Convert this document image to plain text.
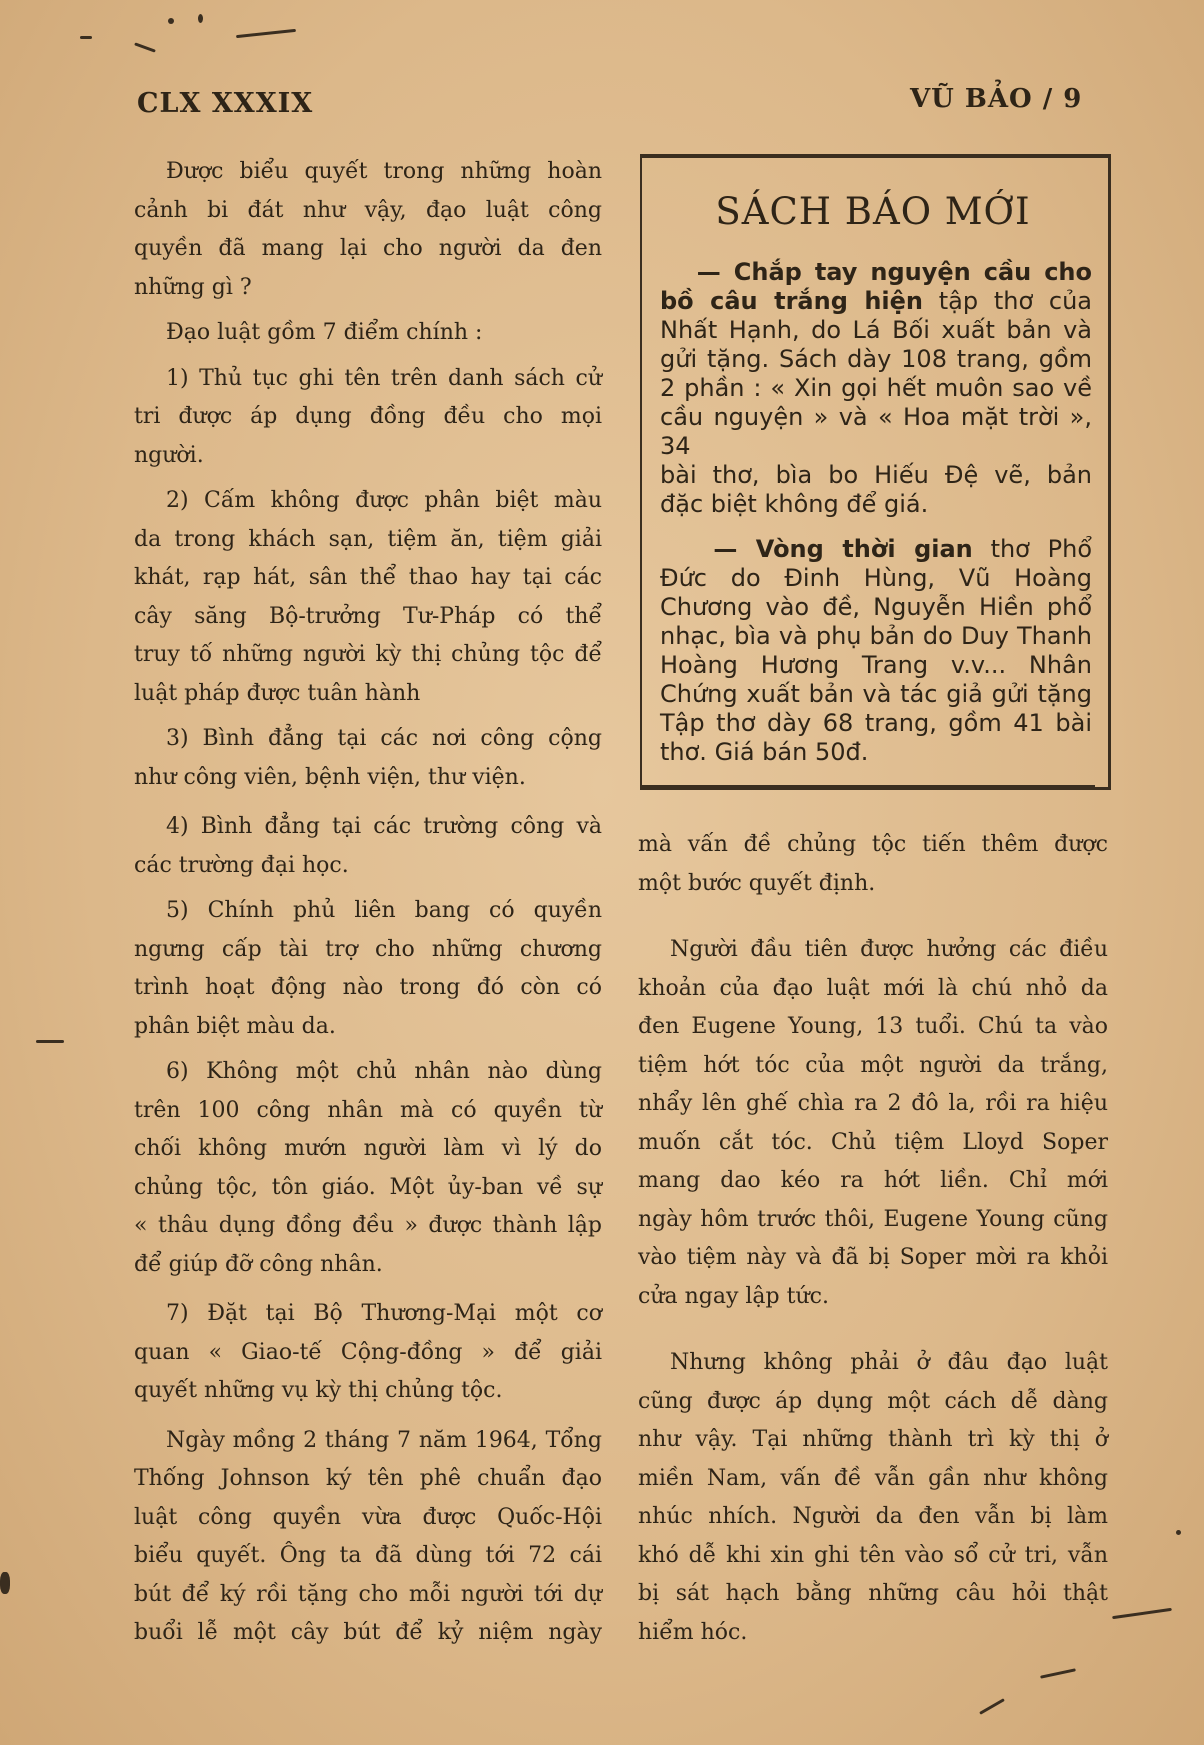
CLX XXXIX	VŨ BẢO / 9

Được biểu quyết trong những hoàn

cảnh bi đát như vậy, đạo luật công

quyền đã mang lại cho người da đen

những gì ?

Đạo luật gồm 7 điểm chính :

1) Thủ tục ghi tên trên danh sách cử

tri được áp dụng đồng đều cho mọi

người.

2) Cấm không được phân biệt màu

da trong khách sạn, tiệm ăn, tiệm giải

khát, rạp hát, sân thể thao hay tại các

cây săng Bộ-trưởng Tư-Pháp có thể

truy tố những người kỳ thị chủng tộc để

luật pháp được tuân hành

3) Bình đẳng tại các nơi công cộng

như công viên, bệnh viện, thư viện.

4) Bình đẳng tại các trường công và

các trường đại học.

5) Chính phủ liên bang có quyền

ngưng cấp tài trợ cho những chương

trình hoạt động nào trong đó còn có

phân biệt màu da.

6) Không một chủ nhân nào dùng

trên 100 công nhân mà có quyền từ

chối không mướn người làm vì lý do

chủng tộc, tôn giáo. Một ủy-ban về sự

« thâu dụng đồng đều » được thành lập

để giúp đỡ công nhân.

7) Đặt tại Bộ Thương-Mại một cơ

quan « Giao-tế Cộng-đồng » để giải

quyết những vụ kỳ thị chủng tộc.

Ngày mồng 2 tháng 7 năm 1964, Tổng

Thống Johnson ký tên phê chuẩn đạo

luật công quyền vừa được Quốc-Hội

biểu quyết. Ông ta đã dùng tới 72 cái

bút để ký rồi tặng cho mỗi người tới dự

buổi lễ một cây bút để kỷ niệm ngày

SÁCH BÁO MỚI

— Chắp tay nguyện cầu cho

bồ câu trắng hiện tập thơ của

Nhất Hạnh, do Lá Bối xuất bản và

gửi tặng. Sách dày 108 trang, gồm

2 phần : « Xin gọi hết muôn sao về

cầu nguyện » và « Hoa mặt trời », 34

bài thơ, bìa bo Hiếu Đệ vẽ, bản

đặc biệt không để giá.

— Vòng thời gian thơ Phổ

Đức do Đinh Hùng, Vũ Hoàng

Chương vào đề, Nguyễn Hiền phổ

nhạc, bìa và phụ bản do Duy Thanh

Hoàng Hương Trang v.v... Nhân

Chứng xuất bản và tác giả gửi tặng

Tập thơ dày 68 trang, gồm 41 bài

thơ. Giá bán 50đ.

mà vấn đề chủng tộc tiến thêm được

một bước quyết định.

Người đầu tiên được hưởng các điều

khoản của đạo luật mới là chú nhỏ da

đen Eugene Young, 13 tuổi. Chú ta vào

tiệm hớt tóc của một người da trắng,

nhẩy lên ghế chìa ra 2 đô la, rồi ra hiệu

muốn cắt tóc. Chủ tiệm Lloyd Soper

mang dao kéo ra hớt liền. Chỉ mới

ngày hôm trước thôi, Eugene Young cũng

vào tiệm này và đã bị Soper mời ra khỏi

cửa ngay lập tức.

Nhưng không phải ở đâu đạo luật

cũng được áp dụng một cách dễ dàng

như vậy. Tại những thành trì kỳ thị ở

miền Nam, vấn đề vẫn gần như không

nhúc nhích. Người da đen vẫn bị làm

khó dễ khi xin ghi tên vào sổ cử tri, vẫn

bị sát hạch bằng những câu hỏi thật

hiểm hóc.
